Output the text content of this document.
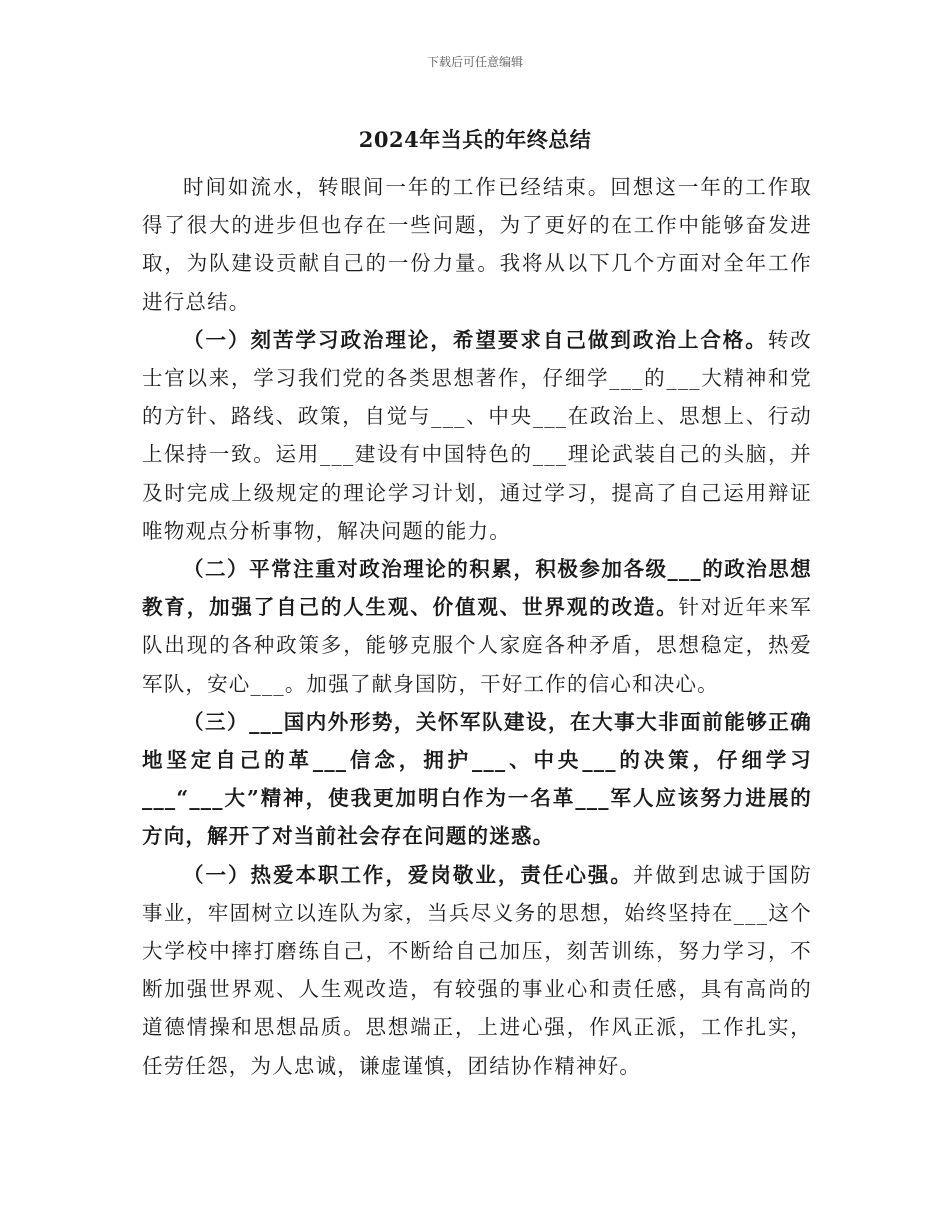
下载后可任意编辑
2024年当兵的年终总结

时间如流水，转眼间一年的工作已经结束。回想这一年的工作取得了很大的进步但也存在一些问题，为了更好的在工作中能够奋发进取，为队建设贡献自己的一份力量。我将从以下几个方面对全年工作进行总结。

（一）刻苦学习政治理论，希望要求自己做到政治上合格。转改士官以来，学习我们党的各类思想著作，仔细学___的___大精神和党的方针、路线、政策，自觉与___、中央___在政治上、思想上、行动上保持一致。运用___建设有中国特色的___理论武装自己的头脑，并及时完成上级规定的理论学习计划，通过学习，提高了自己运用辩证唯物观点分析事物，解决问题的能力。

（二）平常注重对政治理论的积累，积极参加各级___的政治思想教育，加强了自己的人生观、价值观、世界观的改造。针对近年来军队出现的各种政策多，能够克服个人家庭各种矛盾，思想稳定，热爱军队，安心___。加强了献身国防，干好工作的信心和决心。

（三）___国内外形势，关怀军队建设，在大事大非面前能够正确地坚定自己的革___信念，拥护___、中央___的决策，仔细学习___“___大”精神，使我更加明白作为一名革___军人应该努力进展的方向，解开了对当前社会存在问题的迷惑。

（一）热爱本职工作，爱岗敬业，责任心强。并做到忠诚于国防事业，牢固树立以连队为家，当兵尽义务的思想，始终坚持在___这个大学校中摔打磨练自己，不断给自己加压，刻苦训练，努力学习，不断加强世界观、人生观改造，有较强的事业心和责任感，具有高尚的道德情操和思想品质。思想端正，上进心强，作风正派，工作扎实，任劳任怨，为人忠诚，谦虚谨慎，团结协作精神好。
